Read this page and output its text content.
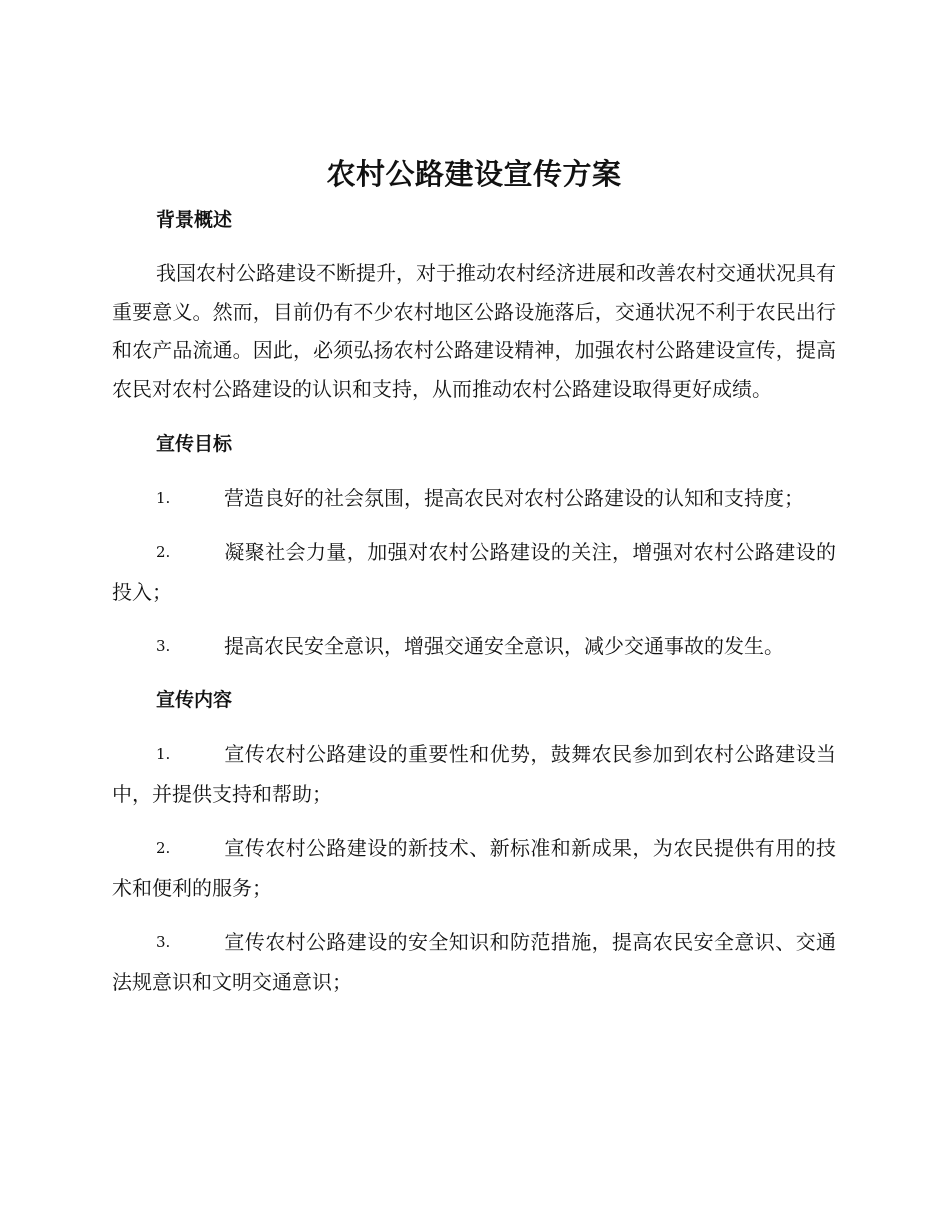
农村公路建设宣传方案
背景概述

我国农村公路建设不断提升，对于推动农村经济进展和改善农村交通状况具有重要意义。然而，目前仍有不少农村地区公路设施落后，交通状况不利于农民出行和农产品流通。因此，必须弘扬农村公路建设精神，加强农村公路建设宣传，提高农民对农村公路建设的认识和支持，从而推动农村公路建设取得更好成绩。

宣传目标

1.	营造良好的社会氛围，提高农民对农村公路建设的认知和支持度；

2.	凝聚社会力量，加强对农村公路建设的关注，增强对农村公路建设的投入；

3.	提高农民安全意识，增强交通安全意识，减少交通事故的发生。

宣传内容

1.	宣传农村公路建设的重要性和优势，鼓舞农民参加到农村公路建设当中，并提供支持和帮助；

2.	宣传农村公路建设的新技术、新标准和新成果，为农民提供有用的技术和便利的服务；

3.	宣传农村公路建设的安全知识和防范措施，提高农民安全意识、交通法规意识和文明交通意识；
